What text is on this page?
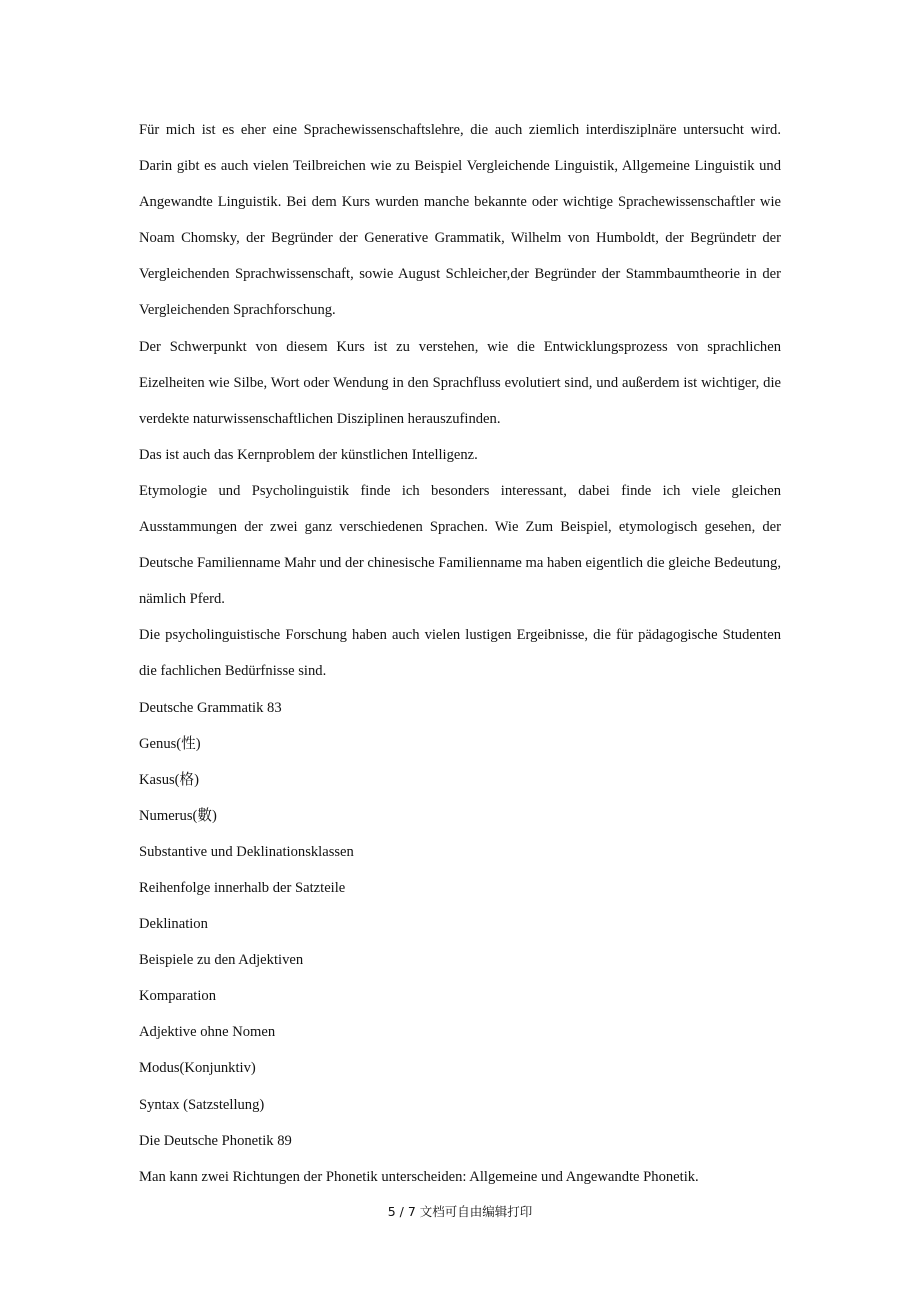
Für mich ist es eher eine Sprachewissenschaftslehre, die auch ziemlich interdisziplnäre untersucht wird. Darin gibt es auch vielen Teilbreichen wie zu Beispiel Vergleichende Linguistik, Allgemeine Linguistik und Angewandte Linguistik. Bei dem Kurs wurden manche bekannte oder wichtige Sprachewissenschaftler wie Noam Chomsky, der Begründer der Generative Grammatik, Wilhelm von Humboldt, der Begründetr der Vergleichenden Sprachwissenschaft, sowie August Schleicher,der Begründer der Stammbaumtheorie in der Vergleichenden Sprachforschung.

Der Schwerpunkt von diesem Kurs ist zu verstehen, wie die Entwicklungsprozess von sprachlichen Eizelheiten wie Silbe, Wort oder Wendung in den Sprachfluss evolutiert sind, und außerdem ist wichtiger, die verdekte naturwissenschaftlichen Disziplinen herauszufinden.

Das ist auch das Kernproblem der künstlichen Intelligenz.

Etymologie und Psycholinguistik finde ich besonders interessant, dabei finde ich viele gleichen Ausstammungen der zwei ganz verschiedenen Sprachen. Wie Zum Beispiel, etymologisch gesehen, der Deutsche Familienname Mahr und der chinesische Familienname ma haben eigentlich die gleiche Bedeutung, nämlich Pferd.

Die psycholinguistische Forschung haben auch vielen lustigen Ergeibnisse, die für pädagogische Studenten die fachlichen Bedürfnisse sind.

Deutsche Grammatik 83

Genus(性)

Kasus(格)

Numerus(數)

Substantive und Deklinationsklassen

Reihenfolge innerhalb der Satzteile

Deklination

Beispiele zu den Adjektiven

Komparation

Adjektive ohne Nomen

Modus(Konjunktiv)

Syntax (Satzstellung)

Die Deutsche Phonetik 89

Man kann zwei Richtungen der Phonetik unterscheiden: Allgemeine und Angewandte Phonetik.

5 / 7 文档可自由编辑打印
